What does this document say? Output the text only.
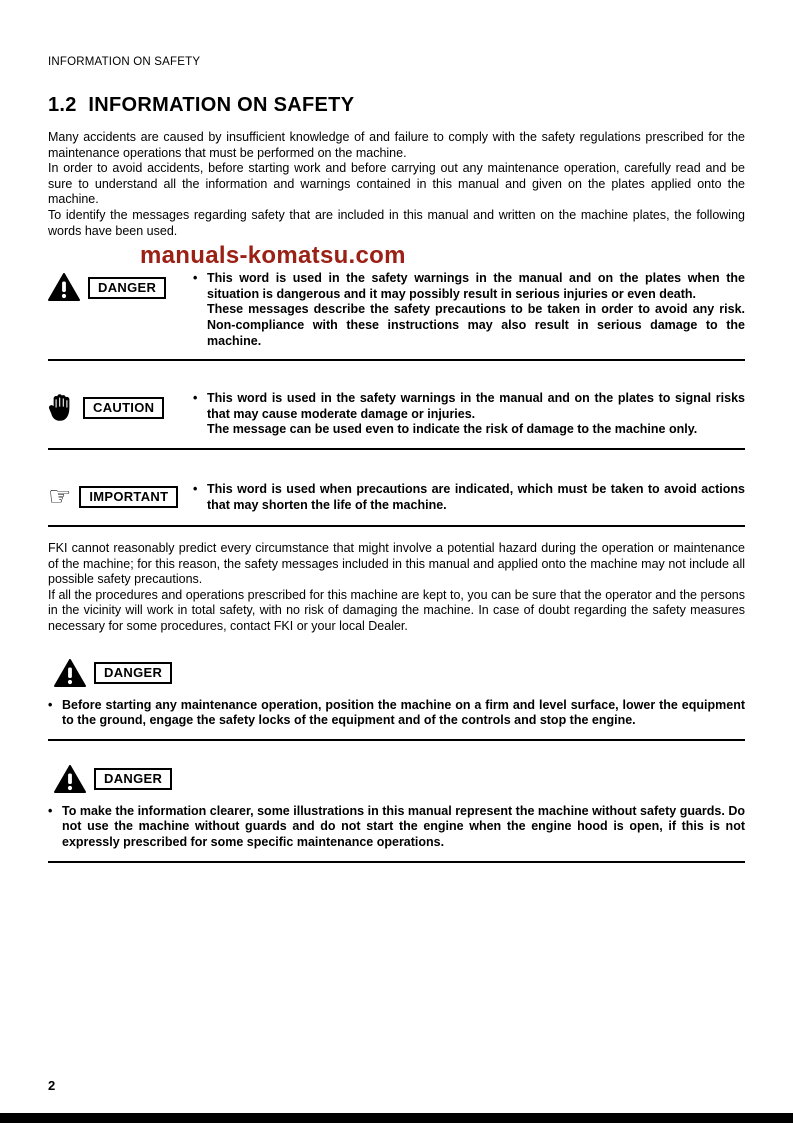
INFORMATION ON SAFETY
1.2  INFORMATION ON SAFETY

Many accidents are caused by insufficient knowledge of and failure to comply with the safety regulations prescribed for the maintenance operations that must be performed on the machine.

In order to avoid accidents, before starting work and before carrying out any maintenance operation, carefully read and be sure to understand all the information and warnings contained in this manual and given on the plates applied onto the machine.

To identify the messages regarding safety that are included in this manual and written on the machine plates, the following words have been used.

manuals-komatsu.com
DANGER
• This word is used in the safety warnings in the manual and on the plates when the situation is dangerous and it may possibly result in serious injuries or even death.

These messages describe the safety precautions to be taken in order to avoid any risk. Non-compliance with these instructions may also result in serious damage to the machine.

CAUTION
• This word is used in the safety warnings in the manual and on the plates to signal risks that may cause moderate damage or injuries.

The message can be used even to indicate the risk of damage to the machine only.

☞	IMPORTANT	• This word is used when precautions are indicated, which must be taken to avoid actions that may shorten the life of the machine.

FKI cannot reasonably predict every circumstance that might involve a potential hazard during the operation or maintenance of the machine; for this reason, the safety messages included in this manual and applied onto the machine may not include all possible safety precautions.

If all the procedures and operations prescribed for this machine are kept to, you can be sure that the operator and the persons in the vicinity will work in total safety, with no risk of damaging the machine. In case of doubt regarding the safety measures necessary for some procedures, contact FKI or your local Dealer.

DANGER
• Before starting any maintenance operation, position the machine on a firm and level surface, lower the equipment to the ground, engage the safety locks of the equipment and of the controls and stop the engine.

DANGER
• To make the information clearer, some illustrations in this manual represent the machine without safety guards. Do not use the machine without guards and do not start the engine when the engine hood is open, if this is not expressly prescribed for some specific maintenance operations.

2
